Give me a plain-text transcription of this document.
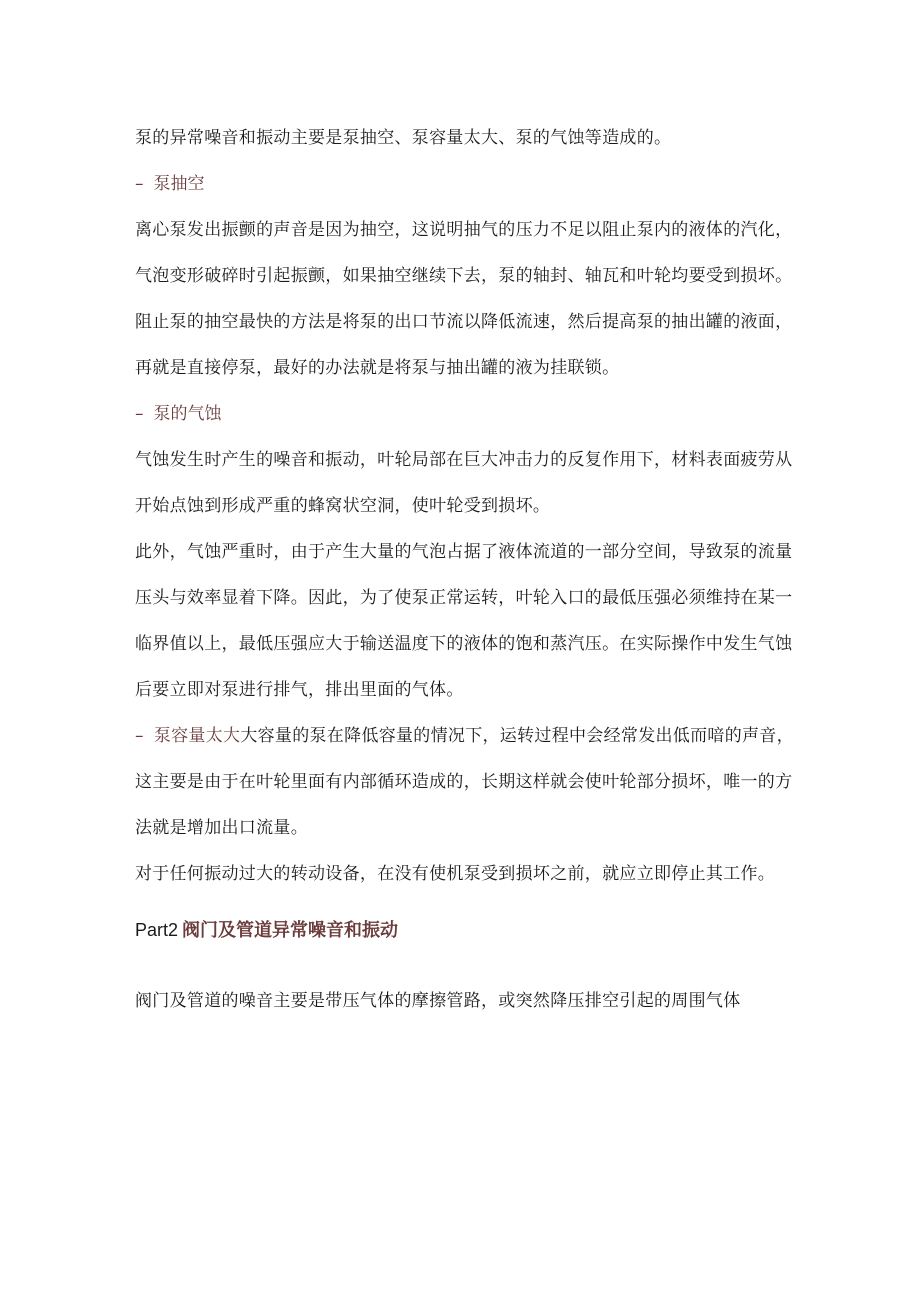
泵的异常噪音和振动主要是泵抽空、泵容量太大、泵的气蚀等造成的。

– 泵抽空

离心泵发出振颤的声音是因为抽空，这说明抽气的压力不足以阻止泵内的液体的汽化，气泡变形破碎时引起振颤，如果抽空继续下去，泵的轴封、轴瓦和叶轮均要受到损坏。

阻止泵的抽空最快的方法是将泵的出口节流以降低流速，然后提高泵的抽出罐的液面，再就是直接停泵，最好的办法就是将泵与抽出罐的液为挂联锁。

– 泵的气蚀

气蚀发生时产生的噪音和振动，叶轮局部在巨大冲击力的反复作用下，材料表面疲劳从开始点蚀到形成严重的蜂窝状空洞，使叶轮受到损坏。

此外，气蚀严重时，由于产生大量的气泡占据了液体流道的一部分空间，导致泵的流量压头与效率显着下降。因此，为了使泵正常运转，叶轮入口的最低压强必须维持在某一临界值以上，最低压强应大于输送温度下的液体的饱和蒸汽压。在实际操作中发生气蚀后要立即对泵进行排气，排出里面的气体。

– 泵容量太大大容量的泵在降低容量的情况下，运转过程中会经常发出低而喑的声音，这主要是由于在叶轮里面有内部循环造成的，长期这样就会使叶轮部分损坏，唯一的方法就是增加出口流量。

对于任何振动过大的转动设备，在没有使机泵受到损坏之前，就应立即停止其工作。

Part2 阀门及管道异常噪音和振动

阀门及管道的噪音主要是带压气体的摩擦管路，或突然降压排空引起的周围气体
